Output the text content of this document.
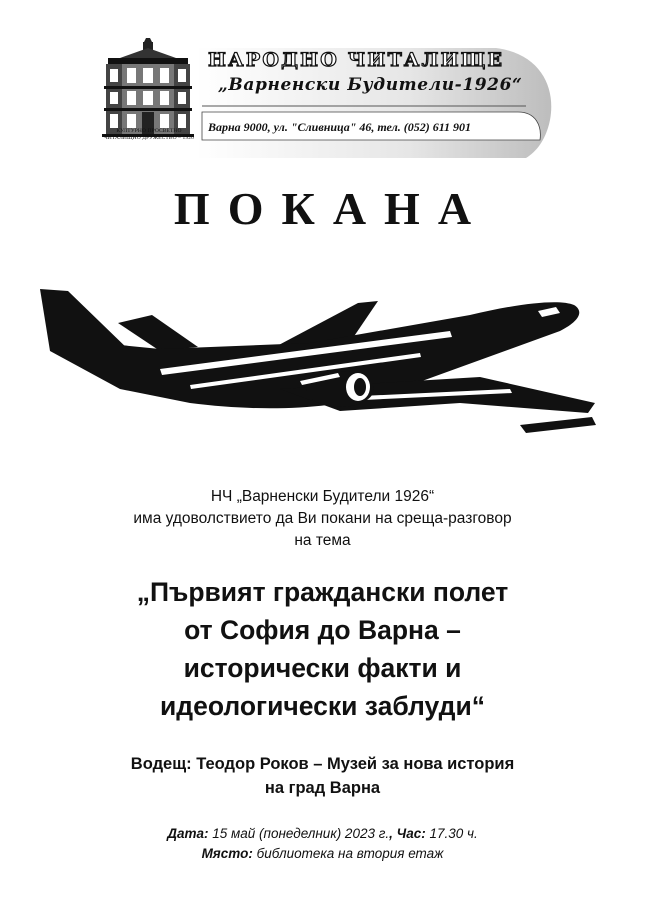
КУЛТУРНО ПРОСВЕТНО
ЧИТАЛИЩНО ДРУЖЕСТВО – 1926
НАРОДНО ЧИТАЛИЩЕ
„Варненски Будители-1926“
Варна 9000, ул. "Сливница" 46, тел. (052) 611 901
ПОКАНА
НЧ „Варненски Будители 1926“
има удоволствието да Ви покани на среща-разговор
на тема
„Първият граждански полет
от София до Варна –
исторически факти и
идеологически заблуди“
Водещ: Теодор Роков – Музей за нова история
на град Варна
Дата: 15 май (понеделник) 2023 г., Час: 17.30 ч.
Място: библиотека на втория етаж
